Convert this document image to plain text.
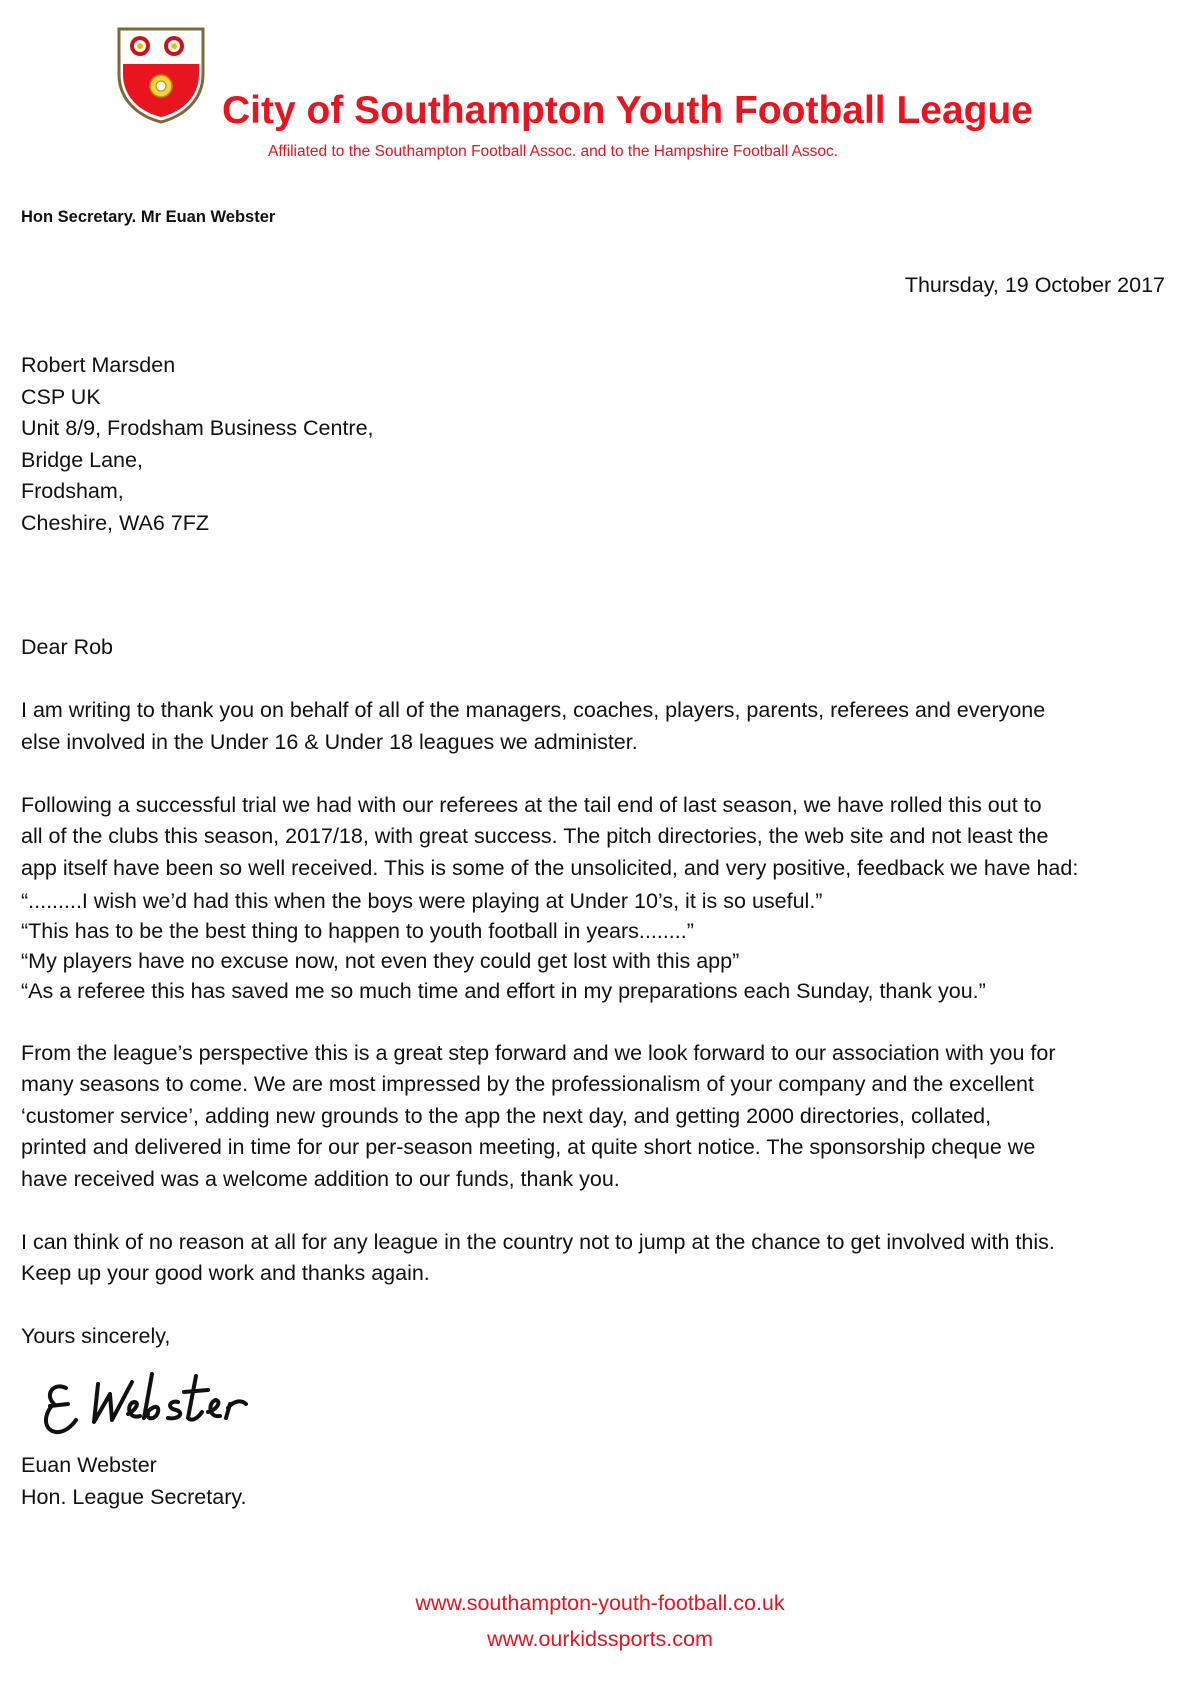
City of Southampton Youth Football League
Affiliated to the Southampton Football Assoc. and to the Hampshire Football Assoc.
Hon Secretary. Mr Euan Webster
Thursday, 19 October 2017
Robert Marsden
CSP UK
Unit 8/9, Frodsham Business Centre,
Bridge Lane,
Frodsham,
Cheshire, WA6 7FZ

Dear Rob

I am writing to thank you on behalf of all of the managers, coaches, players, parents, referees and everyone
else involved in the Under 16 & Under 18 leagues we administer.
Following a successful trial we had with our referees at the tail end of last season, we have rolled this out to
all of the clubs this season, 2017/18, with great success. The pitch directories, the web site and not least the
app itself have been so well received. This is some of the unsolicited, and very positive, feedback we have had:
“.........I wish we’d had this when the boys were playing at Under 10’s, it is so useful.”
“This has to be the best thing to happen to youth football in years........”
“My players have no excuse now, not even they could get lost with this app”
“As a referee this has saved me so much time and effort in my preparations each Sunday, thank you.”
From the league’s perspective this is a great step forward and we look forward to our association with you for
many seasons to come. We are most impressed by the professionalism of your company and the excellent
‘customer service’, adding new grounds to the app the next day, and getting 2000 directories, collated,
printed and delivered in time for our per-season meeting, at quite short notice. The sponsorship cheque we
have received was a welcome addition to our funds, thank you.
I can think of no reason at all for any league in the country not to jump at the chance to get involved with this.
Keep up your good work and thanks again.

Yours sincerely,

Euan Webster
Hon. League Secretary.
www.southampton-youth-football.co.uk
www.ourkidssports.com
